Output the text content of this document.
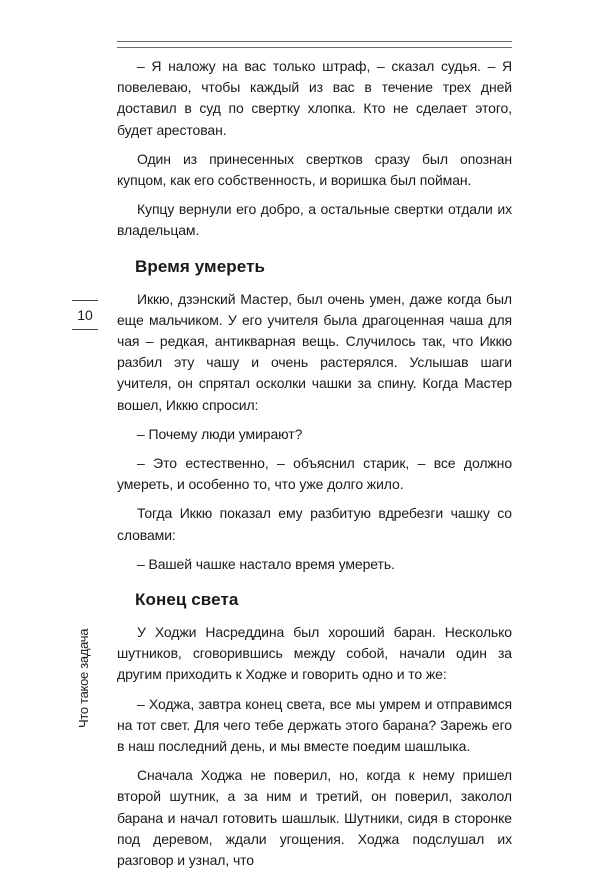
10
Что такое задача

– Я наложу на вас только штраф, – сказал судья. – Я повелеваю, чтобы каждый из вас в течение трех дней доставил в суд по свертку хлопка. Кто не сделает этого, будет арестован.

Один из принесенных свертков сразу был опознан купцом, как его собственность, и воришка был пойман.

Купцу вернули его добро, а остальные свертки отдали их владельцам.

Время умереть

Иккю, дзэнский Мастер, был очень умен, даже когда был еще мальчиком. У его учителя была драгоценная чаша для чая – редкая, антикварная вещь. Случилось так, что Иккю разбил эту чашу и очень растерялся. Услышав шаги учителя, он спрятал осколки чашки за спину. Когда Мастер вошел, Иккю спросил:

– Почему люди умирают?

– Это естественно, – объяснил старик, – все должно умереть, и особенно то, что уже долго жило.

Тогда Иккю показал ему разбитую вдребезги чашку со словами:

– Вашей чашке настало время умереть.

Конец света

У Ходжи Насреддина был хороший баран. Несколько шутников, сговорившись между собой, начали один за другим приходить к Ходже и говорить одно и то же:

– Ходжа, завтра конец света, все мы умрем и отправимся на тот свет. Для чего тебе держать этого барана? Зарежь его в наш последний день, и мы вместе поедим шашлыка.

Сначала Ходжа не поверил, но, когда к нему пришел второй шутник, а за ним и третий, он поверил, заколол барана и начал готовить шашлык. Шутники, сидя в сторонке под деревом, ждали угощения. Ходжа подслушал их разговор и узнал, что
